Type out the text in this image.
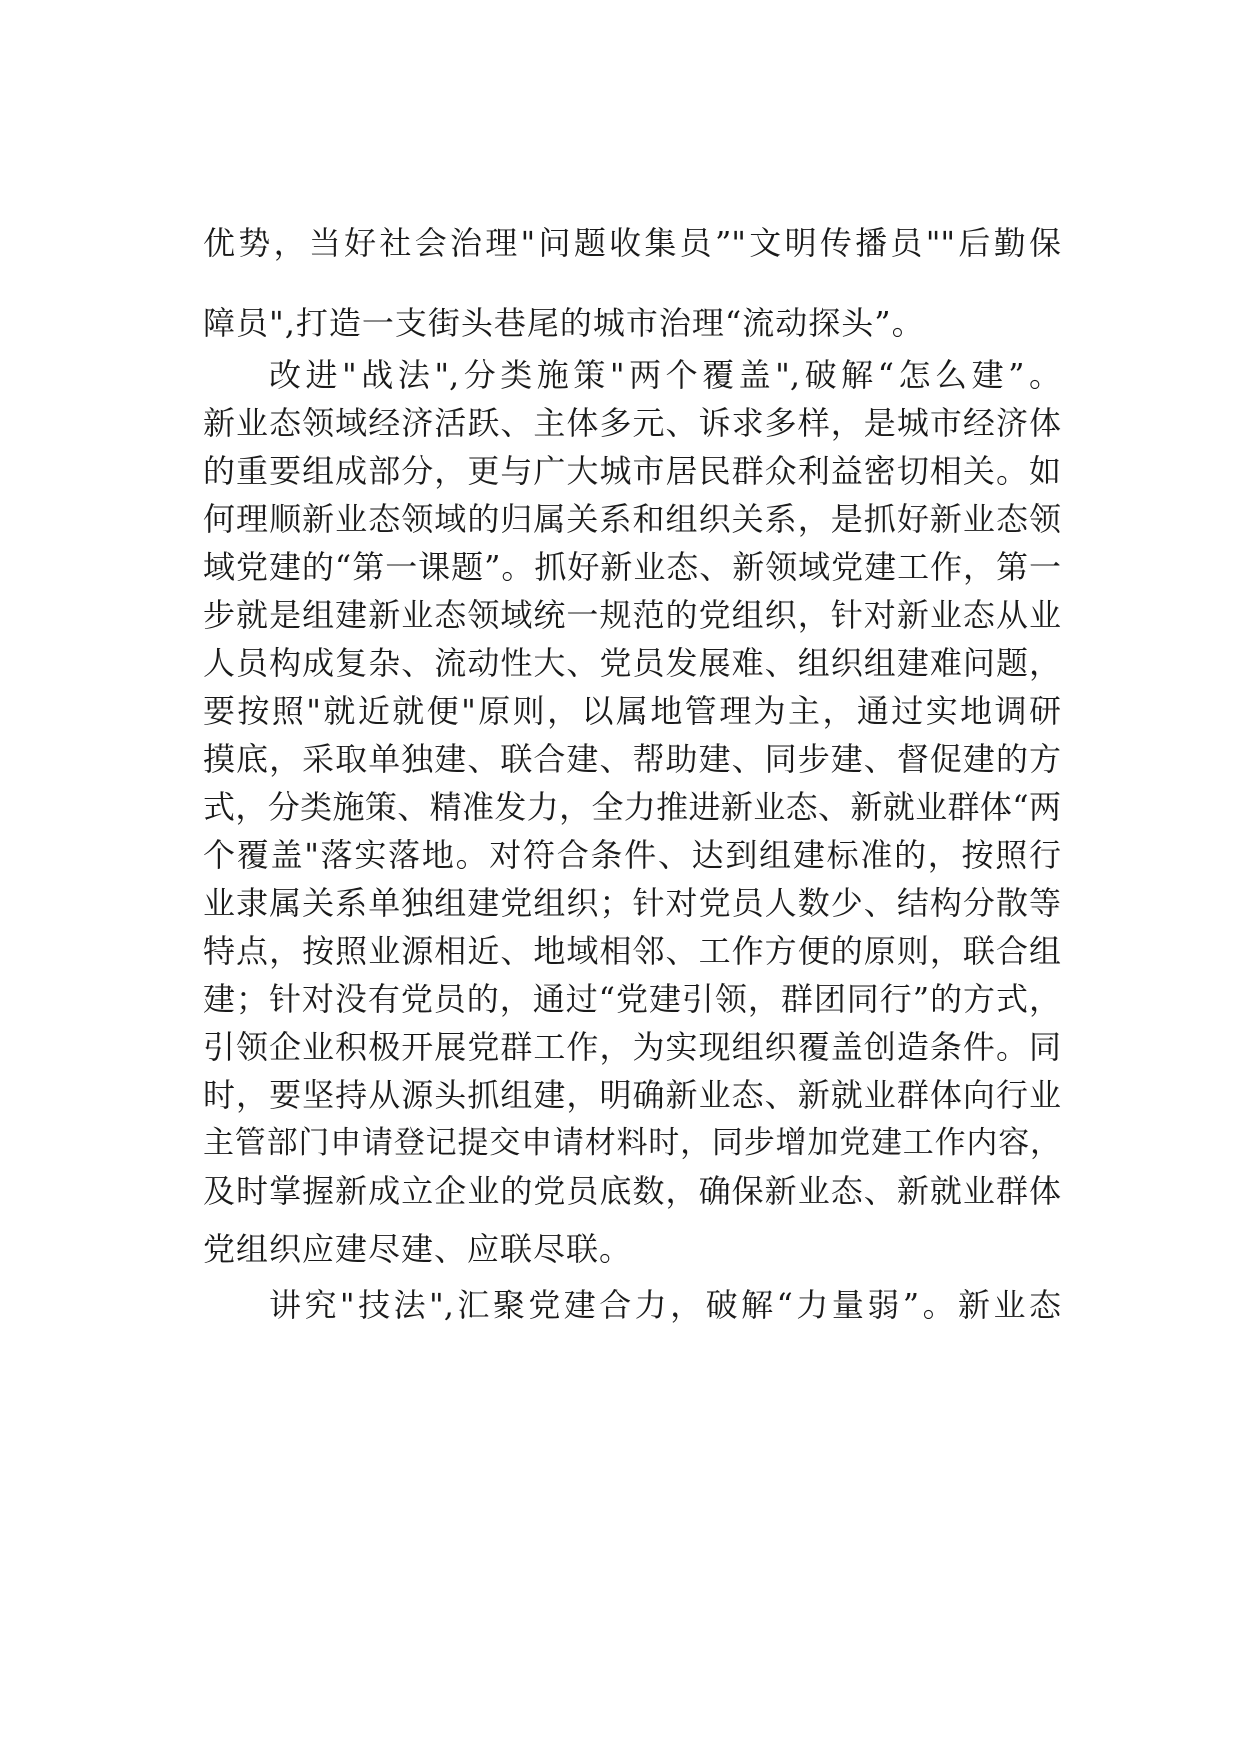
优势，当好社会治理"问题收集员”"文明传播员""后勤保
障员",打造一支街头巷尾的城市治理“流动探头”。
改进"战法",分类施策"两个覆盖",破解“怎么建”。
新业态领域经济活跃、主体多元、诉求多样，是城市经济体
的重要组成部分，更与广大城市居民群众利益密切相关。如
何理顺新业态领域的归属关系和组织关系，是抓好新业态领
域党建的“第一课题”。抓好新业态、新领域党建工作，第一
步就是组建新业态领域统一规范的党组织，针对新业态从业
人员构成复杂、流动性大、党员发展难、组织组建难问题，
要按照"就近就便"原则，以属地管理为主，通过实地调研
摸底，采取单独建、联合建、帮助建、同步建、督促建的方
式，分类施策、精准发力，全力推进新业态、新就业群体“两
个覆盖"落实落地。对符合条件、达到组建标准的，按照行
业隶属关系单独组建党组织；针对党员人数少、结构分散等
特点，按照业源相近、地域相邻、工作方便的原则，联合组
建；针对没有党员的，通过“党建引领，群团同行”的方式，
引领企业积极开展党群工作，为实现组织覆盖创造条件。同
时，要坚持从源头抓组建，明确新业态、新就业群体向行业
主管部门申请登记提交申请材料时，同步增加党建工作内容，
及时掌握新成立企业的党员底数，确保新业态、新就业群体
党组织应建尽建、应联尽联。
讲究"技法",汇聚党建合力，破解“力量弱”。新业态
